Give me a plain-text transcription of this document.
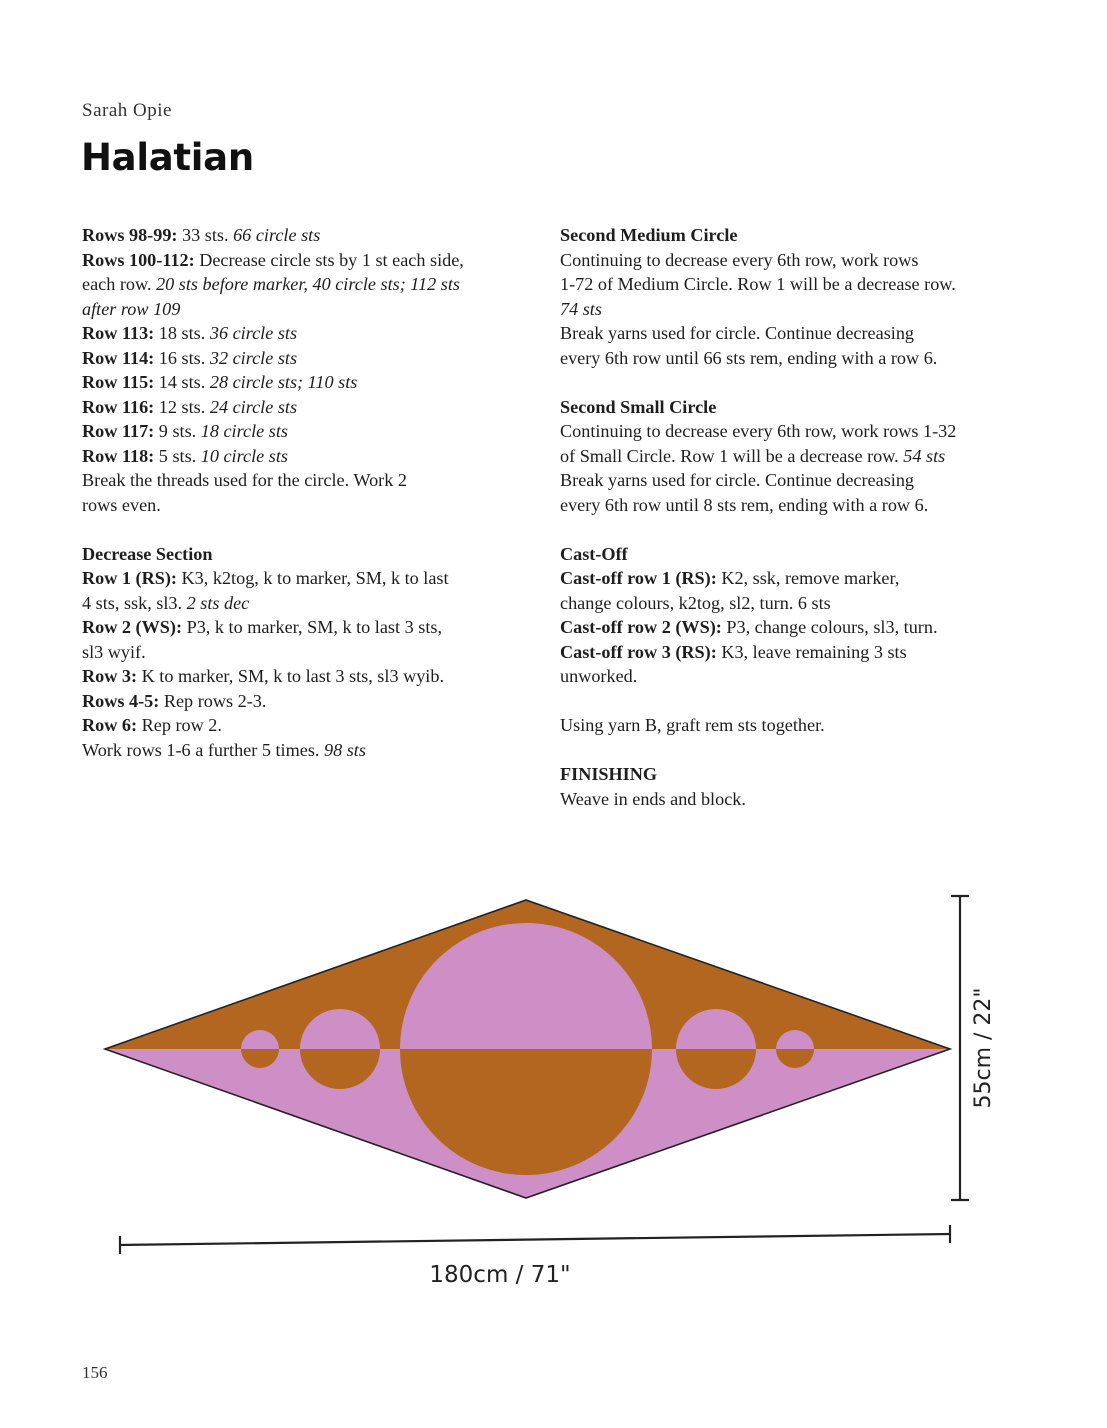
Sarah Opie

Halatian
Rows 98-99: 33 sts. 66 circle sts
Rows 100-112: Decrease circle sts by 1 st each side,
each row. 20 sts before marker, 40 circle sts; 112 sts
after row 109
Row 113: 18 sts. 36 circle sts
Row 114: 16 sts. 32 circle sts
Row 115: 14 sts. 28 circle sts; 110 sts
Row 116: 12 sts. 24 circle sts
Row 117: 9 sts. 18 circle sts
Row 118: 5 sts. 10 circle sts
Break the threads used for the circle. Work 2
rows even.
Decrease Section
Row 1 (RS): K3, k2tog, k to marker, SM, k to last
4 sts, ssk, sl3. 2 sts dec
Row 2 (WS): P3, k to marker, SM, k to last 3 sts,
sl3 wyif.
Row 3: K to marker, SM, k to last 3 sts, sl3 wyib.
Rows 4-5: Rep rows 2-3.
Row 6: Rep row 2.
Work rows 1-6 a further 5 times. 98 sts
Second Medium Circle
Continuing to decrease every 6th row, work rows
1-72 of Medium Circle. Row 1 will be a decrease row.
74 sts
Break yarns used for circle. Continue decreasing
every 6th row until 66 sts rem, ending with a row 6.
Second Small Circle
Continuing to decrease every 6th row, work rows 1-32
of Small Circle. Row 1 will be a decrease row. 54 sts
Break yarns used for circle. Continue decreasing
every 6th row until 8 sts rem, ending with a row 6.
Cast-Off
Cast-off row 1 (RS): K2, ssk, remove marker,
change colours, k2tog, sl2, turn. 6 sts
Cast-off row 2 (WS): P3, change colours, sl3, turn.
Cast-off row 3 (RS): K3, leave remaining 3 sts
unworked.
Using yarn B, graft rem sts together.
FINISHING
Weave in ends and block.
55cm / 22"
180cm / 71"

156
